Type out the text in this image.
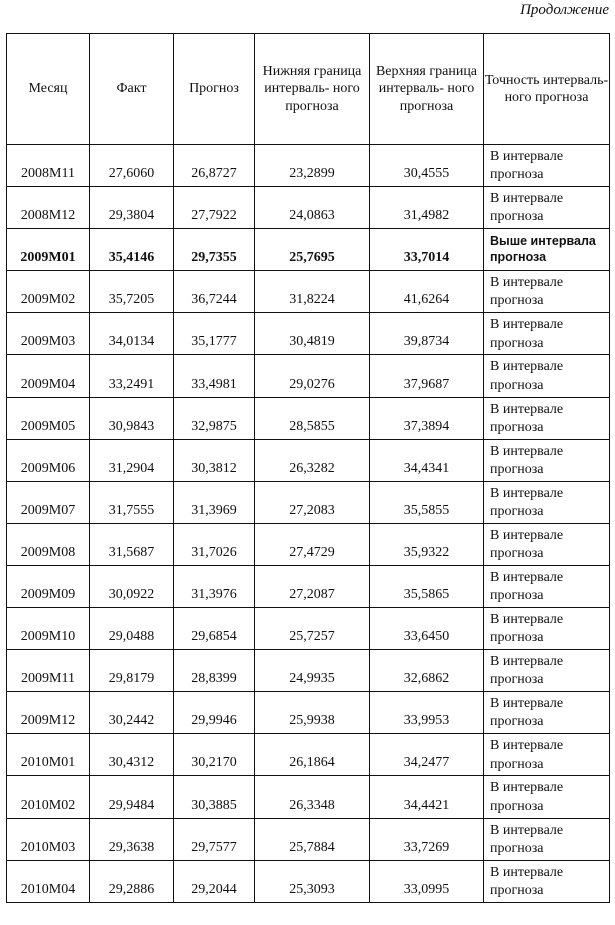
Продолжение
Месяц	Факт	Прогноз	Нижняя граница интерваль- ного прогноза	Верхняя граница интерваль- ного прогноза	Точность интерваль- ного прогноза
2008M11	27,6060	26,8727	23,2899	30,4555	В интервале прогноза
2008M12	29,3804	27,7922	24,0863	31,4982	В интервале прогноза
2009M01	35,4146	29,7355	25,7695	33,7014	Выше интервала прогноза
2009M02	35,7205	36,7244	31,8224	41,6264	В интервале прогноза
2009M03	34,0134	35,1777	30,4819	39,8734	В интервале прогноза
2009M04	33,2491	33,4981	29,0276	37,9687	В интервале прогноза
2009M05	30,9843	32,9875	28,5855	37,3894	В интервале прогноза
2009M06	31,2904	30,3812	26,3282	34,4341	В интервале прогноза
2009M07	31,7555	31,3969	27,2083	35,5855	В интервале прогноза
2009M08	31,5687	31,7026	27,4729	35,9322	В интервале прогноза
2009M09	30,0922	31,3976	27,2087	35,5865	В интервале прогноза
2009M10	29,0488	29,6854	25,7257	33,6450	В интервале прогноза
2009M11	29,8179	28,8399	24,9935	32,6862	В интервале прогноза
2009M12	30,2442	29,9946	25,9938	33,9953	В интервале прогноза
2010M01	30,4312	30,2170	26,1864	34,2477	В интервале прогноза
2010M02	29,9484	30,3885	26,3348	34,4421	В интервале прогноза
2010M03	29,3638	29,7577	25,7884	33,7269	В интервале прогноза
2010M04	29,2886	29,2044	25,3093	33,0995	В интервале прогноза
